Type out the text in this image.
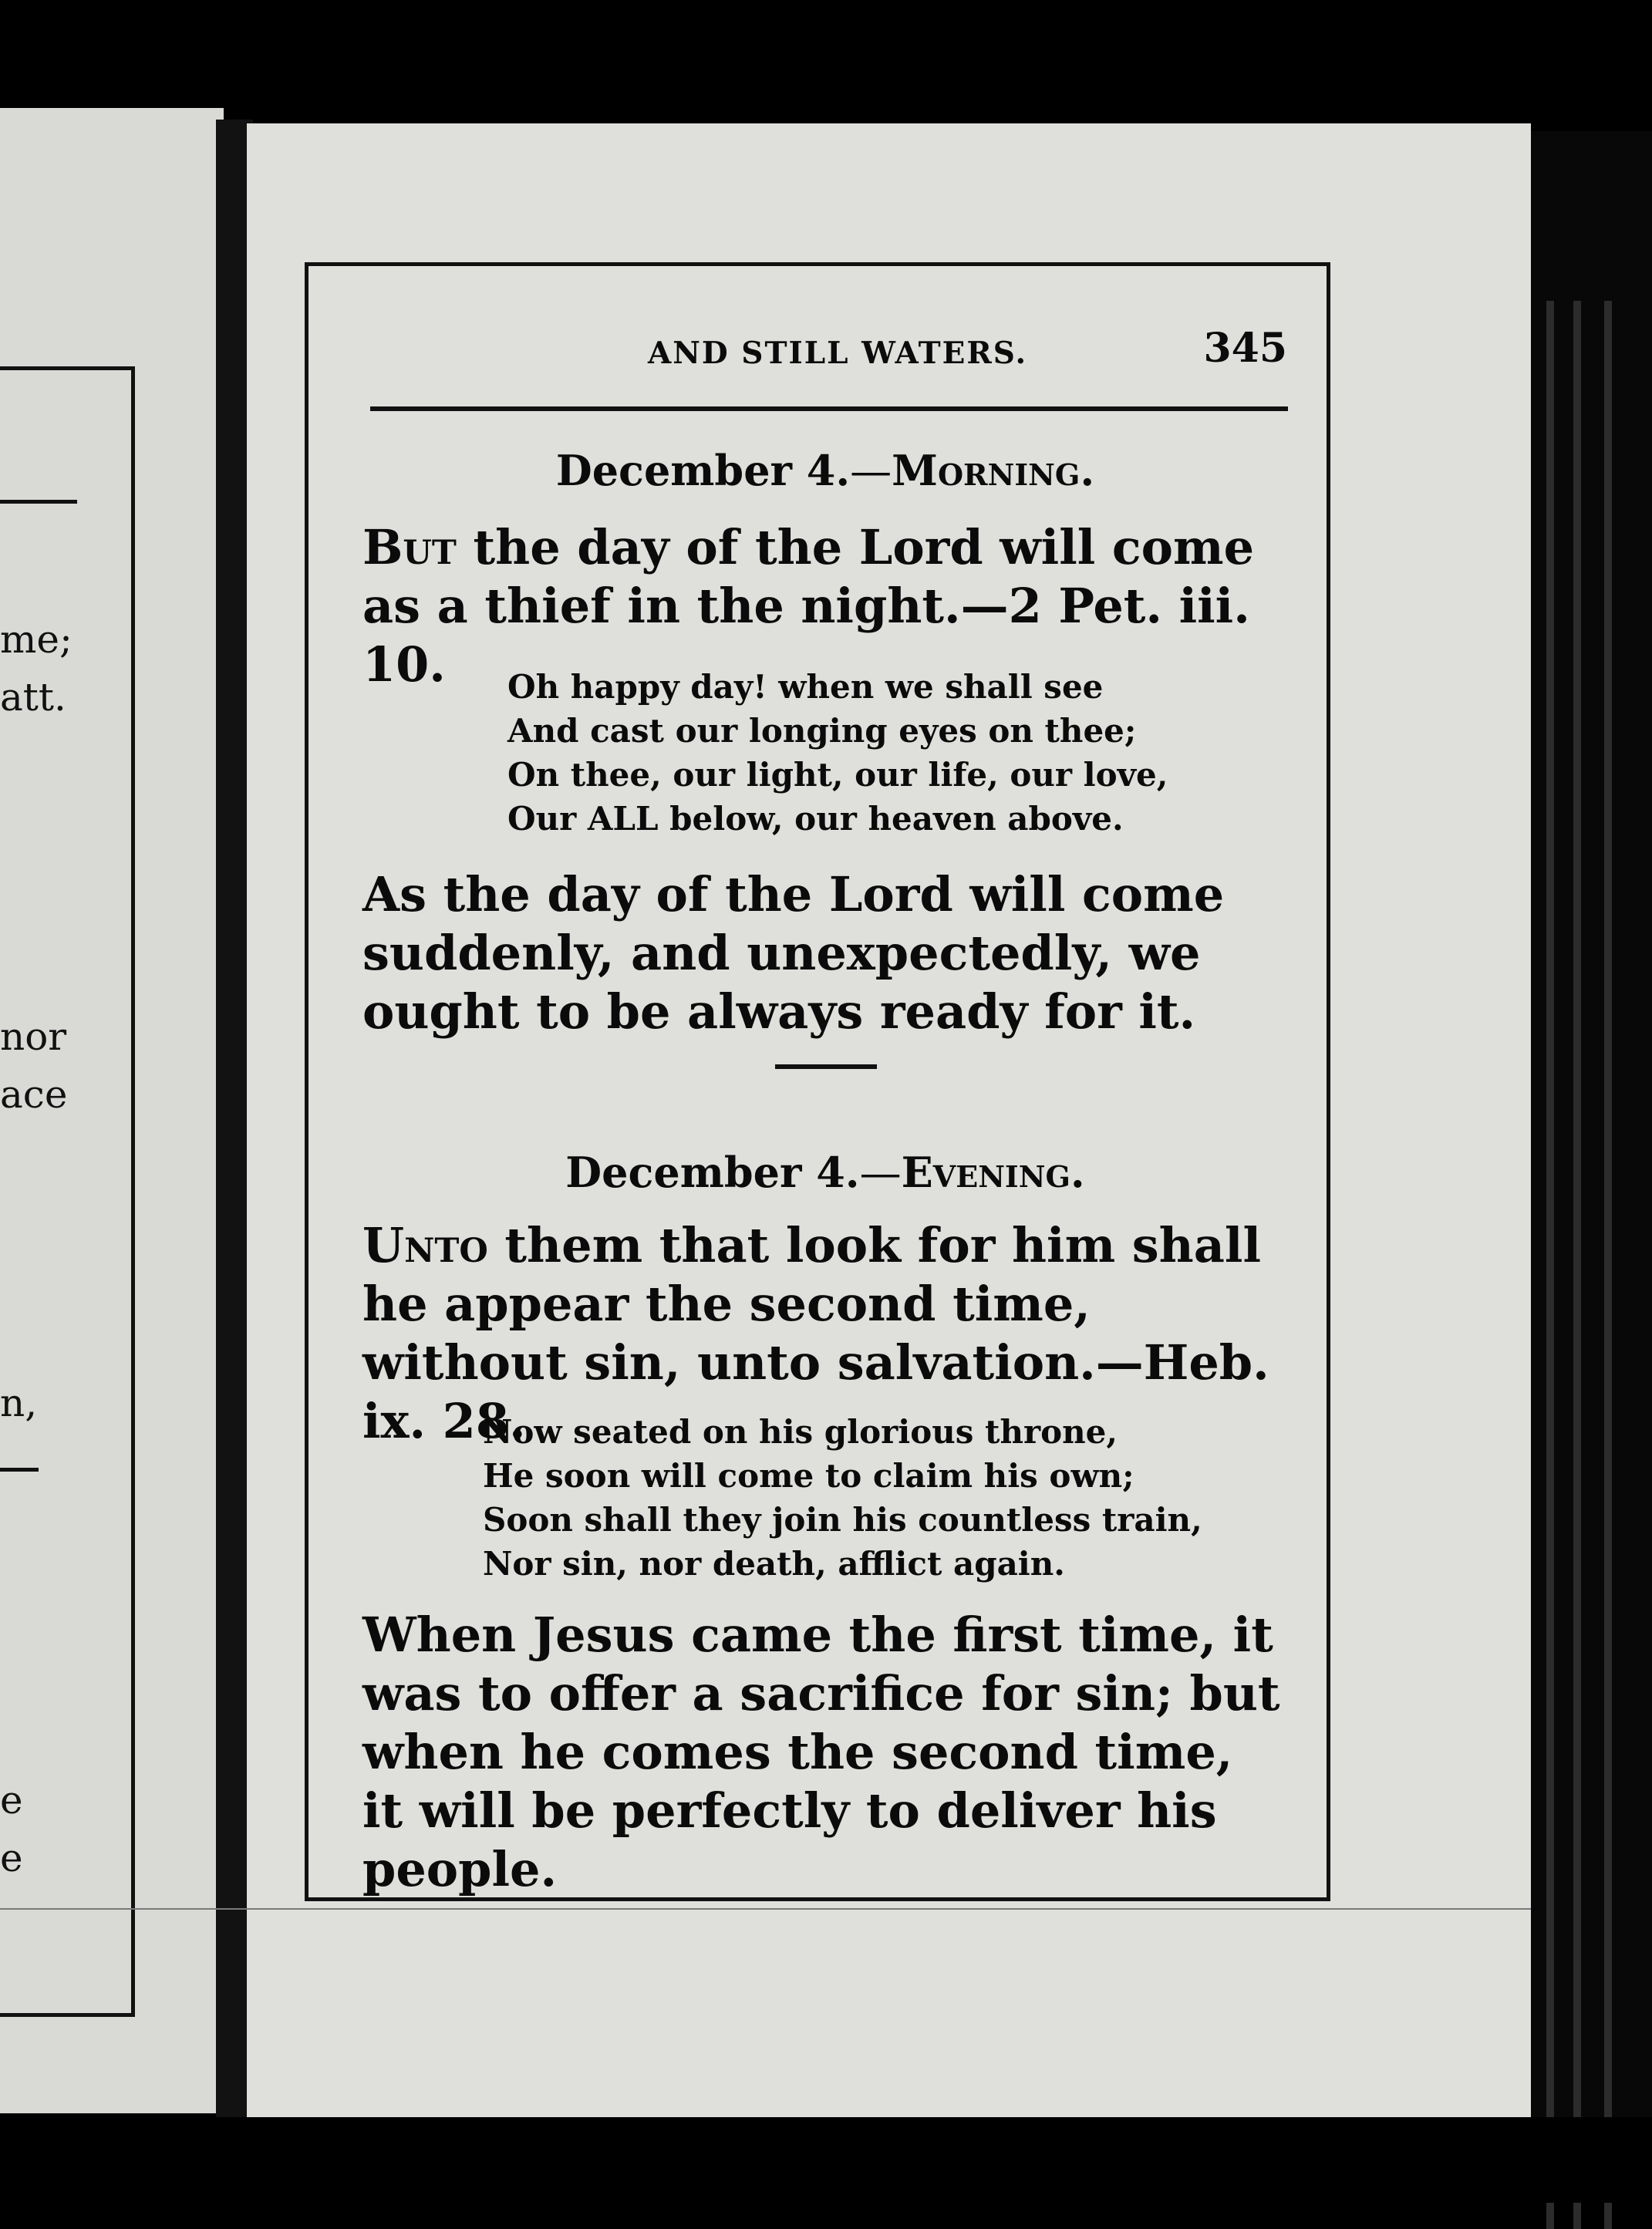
me;
att.
nor
ace
n,
e
e
AND STILL WATERS.	345
December 4.—Morning.

But the day of the Lord will come as a thief in the night.—2 Pet. iii. 10.	Oh happy day! when we shall see
And cast our longing eyes on thee;
On thee, our light, our life, our love,
Our ALL below, our heaven above.

As the day of the Lord will come suddenly, and unexpectedly, we ought to be always ready for it.

December 4.—Evening.

Unto them that look for him shall he appear the second time, without sin, unto salvation.—Heb. ix. 28.

Now seated on his glorious throne,
He soon will come to claim his own;
Soon shall they join his countless train,
Nor sin, nor death, afflict again.

When Jesus came the first time, it was to offer a sacrifice for sin; but when he comes the second time, it will be perfectly to deliver his people.
